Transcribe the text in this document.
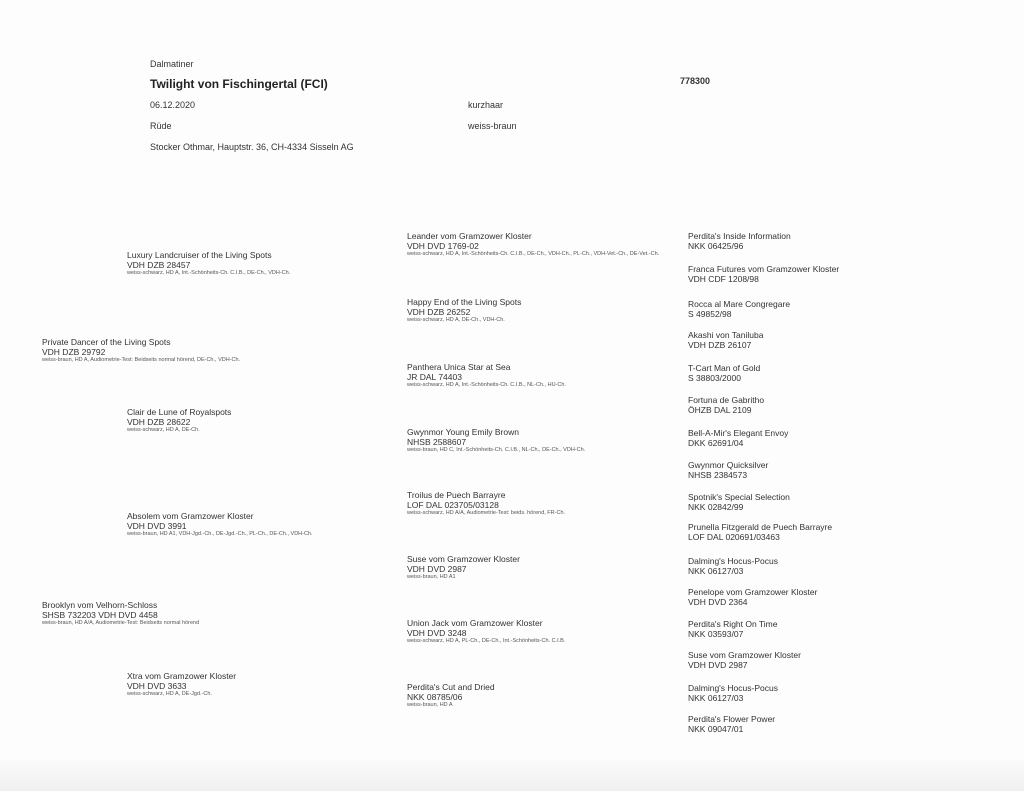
Dalmatiner
Twilight von Fischingertal (FCI)	778300
06.12.2020	kurzhaar
Rüde	weiss-braun
Stocker Othmar, Hauptstr. 36, CH-4334 Sisseln AG
Private Dancer of the Living Spots
VDH DZB 29792
weiss-braun, HD A, Audiometrie-Test: Beidseits normal hörend, DE-Ch., VDH-Ch.
Brooklyn vom Velhorn-Schloss
SHSB 732203 VDH DVD 4458
weiss-braun, HD A/A, Audiometrie-Test: Beidseits normal hörend
Luxury Landcruiser of the Living Spots
VDH DZB 28457
weiss-schwarz, HD A, Int.-Schönheits-Ch. C.I.B., DE-Ch., VDH-Ch.
Clair de Lune of Royalspots
VDH DZB 28622
weiss-schwarz, HD A, DE-Ch.
Absolem vom Gramzower Kloster
VDH DVD 3991
weiss-braun, HD A1, VDH-Jgd.-Ch., DE-Jgd.-Ch., PL-Ch., DE-Ch., VDH-Ch.
Xtra vom Gramzower Kloster
VDH DVD 3633
weiss-schwarz, HD A, DE-Jgd.-Ch.
Leander vom Gramzower Kloster
VDH DVD 1769-02
weiss-schwarz, HD A, Int.-Schönheits-Ch. C.I.B., DE-Ch., VDH-Ch., PL-Ch., VDH-Vet.-Ch., DE-Vet.-Ch.
Happy End of the Living Spots
VDH DZB 26252
weiss-schwarz, HD A, DE-Ch., VDH-Ch.
Panthera Unica Star at Sea
JR DAL 74403
weiss-schwarz, HD A, Int.-Schönheits-Ch. C.I.B., NL-Ch., HU-Ch.
Gwynmor Young Emily Brown
NHSB 2588607
weiss-braun, HD C, Int.-Schönheits-Ch. C.I.B., NL-Ch., DE-Ch., VDH-Ch.
Troilus de Puech Barrayre
LOF DAL 023705/03128
weiss-schwarz, HD A/A, Audiometrie-Test: beids. hörend, FR-Ch.
Suse vom Gramzower Kloster
VDH DVD 2987
weiss-braun, HD A1
Union Jack vom Gramzower Kloster
VDH DVD 3248
weiss-schwarz, HD A, PL-Ch., DE-Ch., Int.-Schönheits-Ch. C.I.B.
Perdita's Cut and Dried
NKK 08785/06
weiss-braun, HD A
Perdita's Inside Information
NKK 06425/96
Franca Futures vom Gramzower Kloster
VDH CDF 1208/98
Rocca al Mare Congregare
S 49852/98
Akashi von Taniluba
VDH DZB 26107
T-Cart Man of Gold
S 38803/2000
Fortuna de Gabritho
ÖHZB DAL 2109
Bell-A-Mir's Elegant Envoy
DKK 62691/04
Gwynmor Quicksilver
NHSB 2384573
Spotnik's Special Selection
NKK 02842/99
Prunella Fitzgerald de Puech Barrayre
LOF DAL 020691/03463
Dalming's Hocus-Pocus
NKK 06127/03
Penelope vom Gramzower Kloster
VDH DVD 2364
Perdita's Right On Time
NKK 03593/07
Suse vom Gramzower Kloster
VDH DVD 2987
Dalming's Hocus-Pocus
NKK 06127/03
Perdita's Flower Power
NKK 09047/01
